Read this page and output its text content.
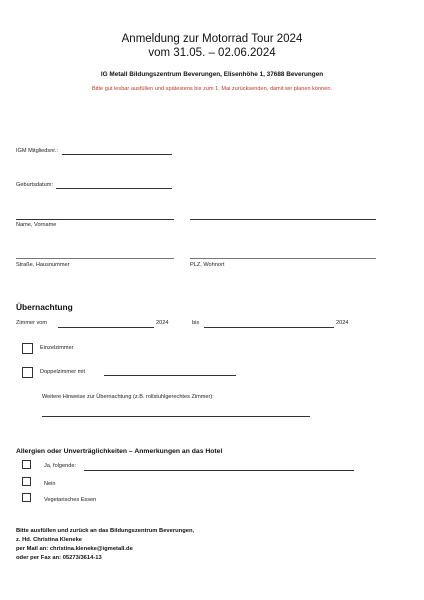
Anmeldung zur Motorrad Tour 2024
vom 31.05. – 02.06.2024
IG Metall Bildungszentrum Beverungen, Elisenhöhe 1, 37688 Beverungen
Bitte gut lesbar ausfüllen und spätestens bis zum 1. Mai zurücksenden, damit wir planen können.
IGM Mitgliedsnr.:
Geburtsdatum:
Name, Vorname
Straße, Hausnummer	PLZ, Wohnort
Übernachtung
Zimmer vom	2024	bis	2024
Einzelzimmer
Doppelzimmer mit
Weitere Hinweise zur Übernachtung (z.B. rollstuhlgerechtes Zimmer):
Allergien oder Unverträglichkeiten – Anmerkungen an das Hotel
Ja, folgende:
Nein
Vegetarisches Essen
Bitte ausfüllen und zurück an das Bildungszentrum Beverungen,
z. Hd. Christina Kleneke
per Mail an: christina.kleneke@igmetall.de
oder per Fax an: 05273/3614-13
